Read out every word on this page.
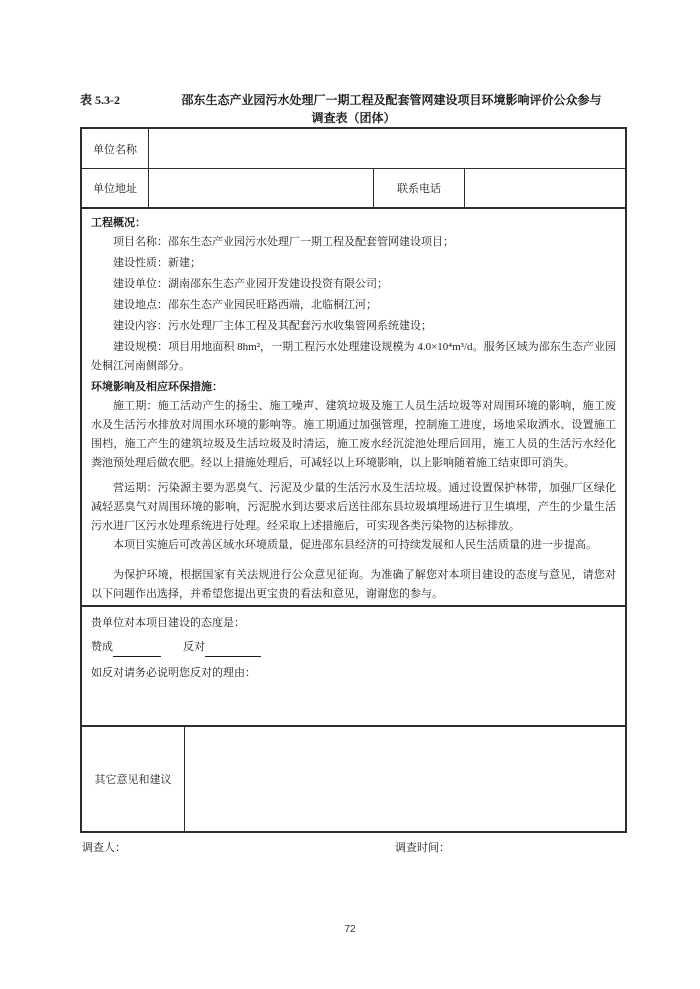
表 5.3-2	邵东生态产业园污水处理厂一期工程及配套管网建设项目环境影响评价公众参与
调查表（团体）
单位名称
单位地址	联系电话

工程概况：

项目名称：邵东生态产业园污水处理厂一期工程及配套管网建设项目；

建设性质：新建；

建设单位：湖南邵东生态产业园开发建设投资有限公司；

建设地点：邵东生态产业园民旺路西端，北临桐江河；

建设内容：污水处理厂主体工程及其配套污水收集管网系统建设；

建设规模：项目用地面积 8hm²，一期工程污水处理建设规模为 4.0×10⁴m³/d。服务区域为邵东生态产业园处桐江河南侧部分。

环境影响及相应环保措施：

施工期：施工活动产生的扬尘、施工噪声、建筑垃圾及施工人员生活垃圾等对周围环境的影响，施工废水及生活污水排放对周围水环境的影响等。施工期通过加强管理，控制施工进度，场地采取洒水、设置施工围档，施工产生的建筑垃圾及生活垃圾及时清运，施工废水经沉淀池处理后回用，施工人员的生活污水经化粪池预处理后做农肥。经以上措施处理后，可减轻以上环境影响，以上影响随着施工结束即可消失。

营运期：污染源主要为恶臭气、污泥及少量的生活污水及生活垃圾。通过设置保护林带，加强厂区绿化减轻恶臭气对周围环境的影响，污泥脱水到达要求后送往邵东县垃圾填埋场进行卫生填埋，产生的少量生活污水进厂区污水处理系统进行处理。经采取上述措施后，可实现各类污染物的达标排放。

本项目实施后可改善区域水环境质量，促进邵东县经济的可持续发展和人民生活质量的进一步提高。

为保护环境，根据国家有关法规进行公众意见征询。为准确了解您对本项目建设的态度与意见，请您对以下问题作出选择，并希望您提出更宝贵的看法和意见，谢谢您的参与。

贵单位对本项目建设的态度是：
赞成	反对
如反对请务必说明您反对的理由：
其它意见和建议
调查人：	调查时间：
72
